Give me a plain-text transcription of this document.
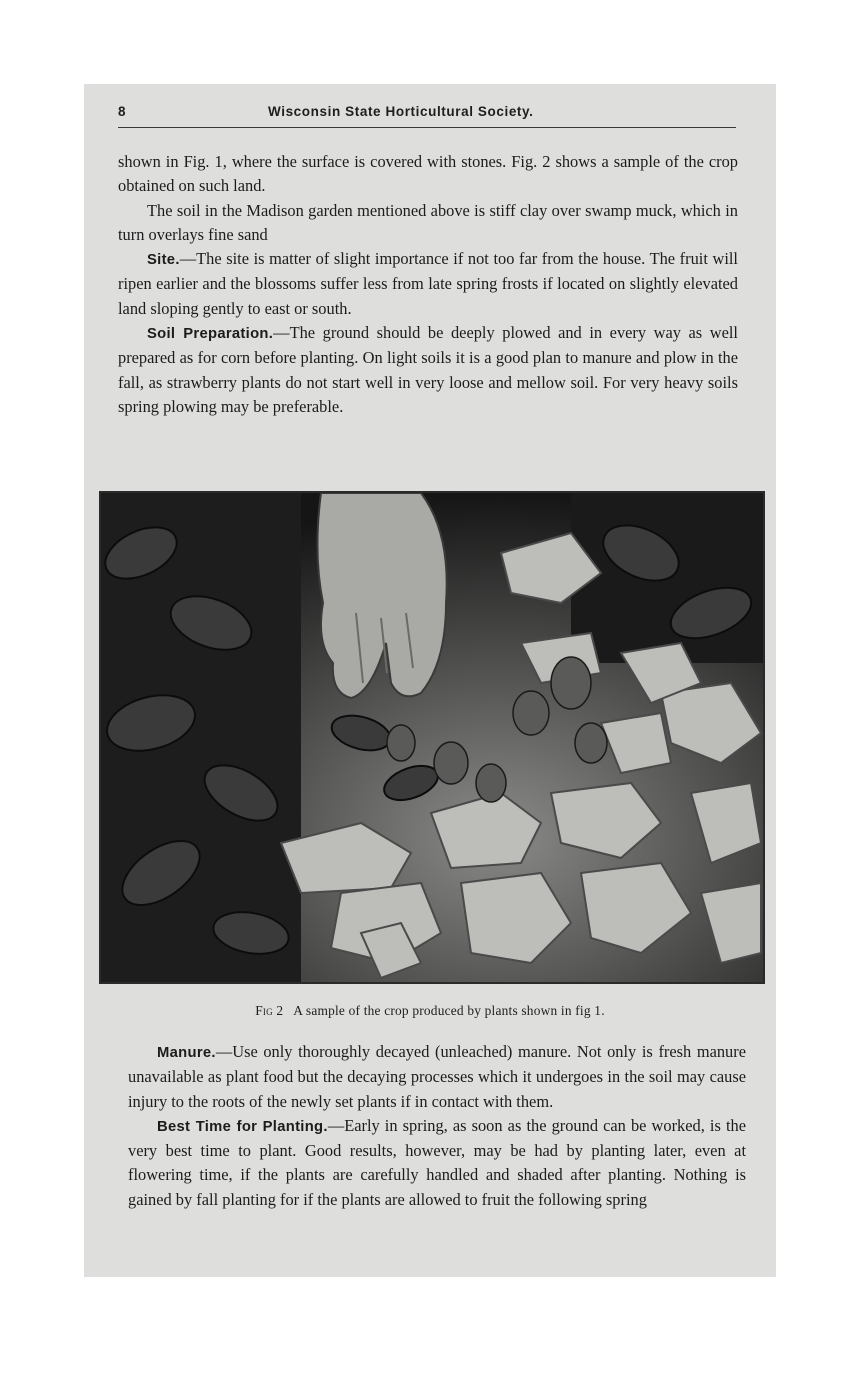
8	Wisconsin State Horticultural Society.

shown in Fig. 1, where the surface is covered with stones. Fig. 2 shows a sample of the crop obtained on such land.

The soil in the Madison garden mentioned above is stiff clay over swamp muck, which in turn overlays fine sand

Site.—The site is matter of slight importance if not too far from the house. The fruit will ripen earlier and the blossoms suffer less from late spring frosts if located on slightly elevated land sloping gently to east or south.

Soil Preparation.—The ground should be deeply plowed and in every way as well prepared as for corn before planting. On light soils it is a good plan to manure and plow in the fall, as strawberry plants do not start well in very loose and mellow soil. For very heavy soils spring plowing may be preferable.

Fig 2 A sample of the crop produced by plants shown in fig 1.

Manure.—Use only thoroughly decayed (unleached) manure. Not only is fresh manure unavailable as plant food but the decaying processes which it undergoes in the soil may cause injury to the roots of the newly set plants if in contact with them.

Best Time for Planting.—Early in spring, as soon as the ground can be worked, is the very best time to plant. Good results, however, may be had by planting later, even at flowering time, if the plants are carefully handled and shaded after planting. Nothing is gained by fall planting for if the plants are allowed to fruit the following spring
